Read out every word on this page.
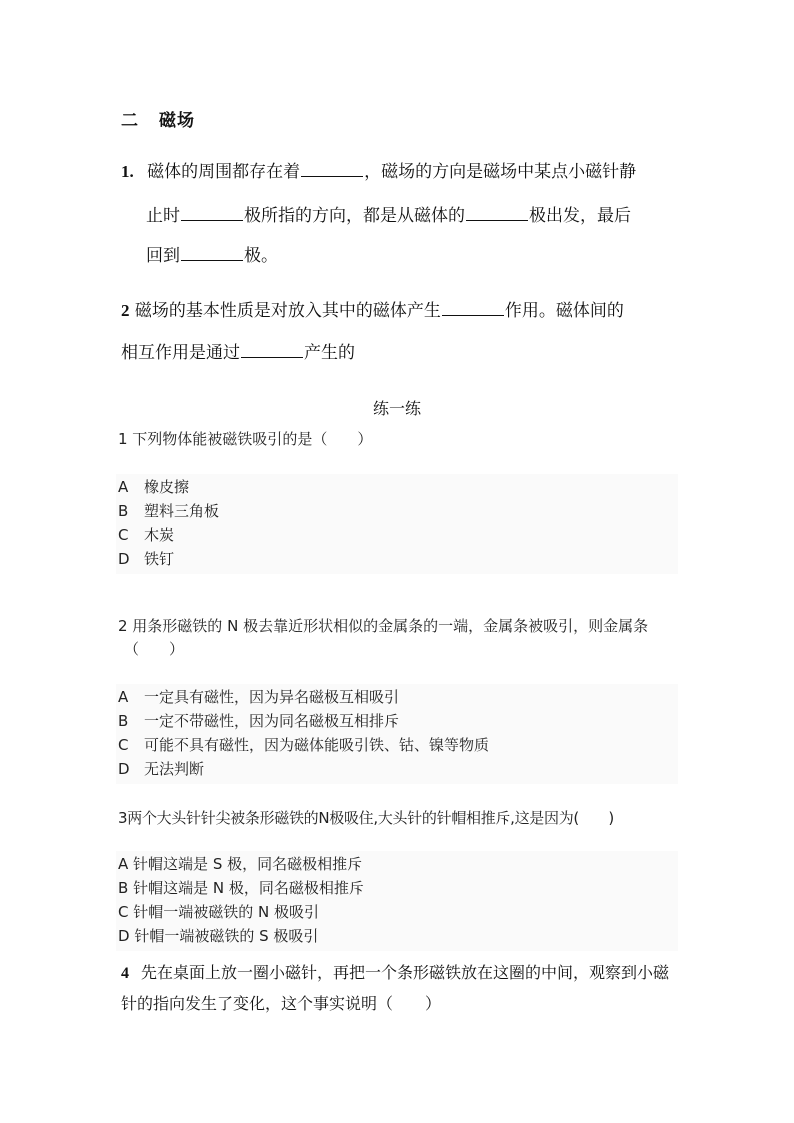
二 磁场
1. 磁体的周围都存在着	，磁场的方向是磁场中某点小磁针静
止时	极所指的方向，都是从磁体的	极出发，最后
回到	极。
2 磁场的基本性质是对放入其中的磁体产生	作用。磁体间的
相互作用是通过	产生的
练一练
1 下列物体能被磁铁吸引的是（　　）
A 橡皮擦
B 塑料三角板
C 木炭
D 铁钉
2 用条形磁铁的 N 极去靠近形状相似的金属条的一端，金属条被吸引，则金属条
（　　）
A 一定具有磁性，因为异名磁极互相吸引
B 一定不带磁性，因为同名磁极互相排斥
C 可能不具有磁性，因为磁体能吸引铁、钴、镍等物质
D 无法判断
3两个大头针针尖被条形磁铁的N极吸住,大头针的针帽相推斥,这是因为(　　)
A 针帽这端是 S 极，同名磁极相推斥
B 针帽这端是 N 极，同名磁极相推斥
C 针帽一端被磁铁的 N 极吸引
D 针帽一端被磁铁的 S 极吸引
4 先在桌面上放一圈小磁针，再把一个条形磁铁放在这圈的中间，观察到小磁
针的指向发生了变化，这个事实说明（　　）
